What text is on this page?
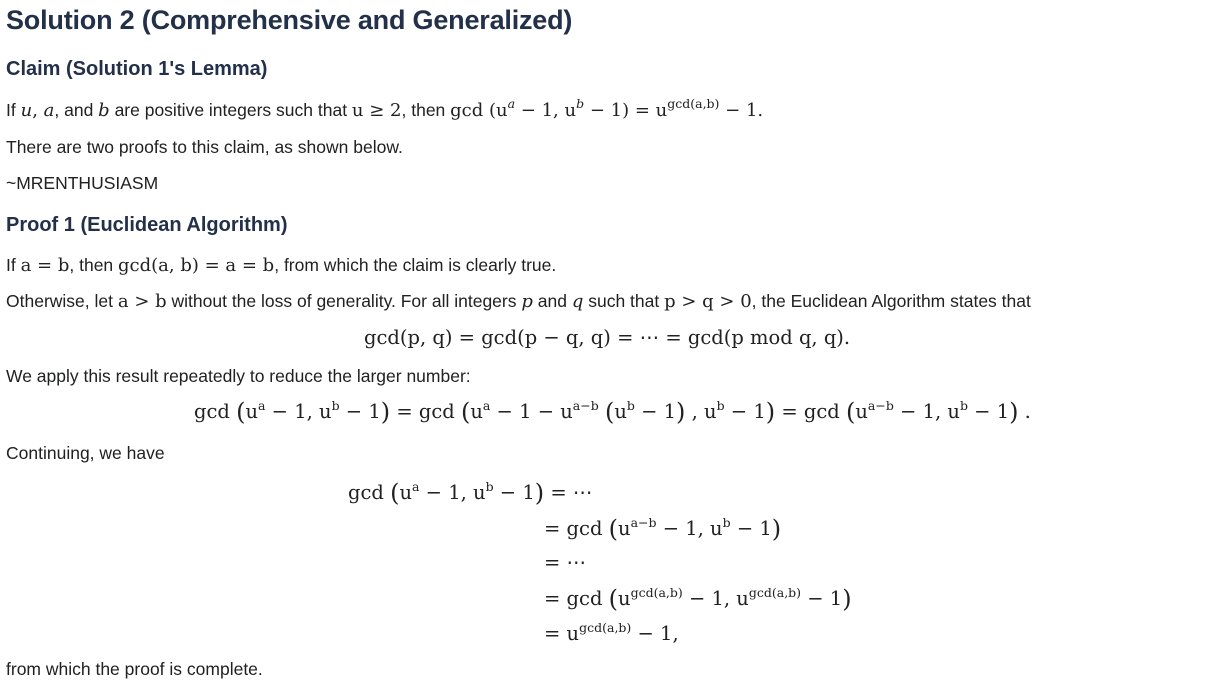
Solution 2 (Comprehensive and Generalized)
Claim (Solution 1's Lemma)

If u, a, and b are positive integers such that u ≥ 2, then $\gcd (u^a - 1$, $u^b - 1) = u^{gcd(a,b)} - 1$.

There are two proofs to this claim, as shown below.

~MRENTHUSIASM

Proof 1 (Euclidean Algorithm)

If a = b, then gcd(a, b) = a = b, from which the claim is clearly true.

Otherwise, let a > b without the loss of generality. For all integers p and q such that p > q > 0, the Euclidean Algorithm states that

gcd(p, q) = gcd(p − q, q) = ⋯ = gcd(p mod q, q).

We apply this result repeatedly to reduce the larger number:

$\gcd (u^a - 1$, $u^b - 1) = \gcd (u^a - 1 - u^{a-b}$ $(u^b - 1)$ , $u^b - 1) = \gcd (u^{a-b} - 1$, $u^b - 1$) .

Continuing, we have

$\gcd (u^a - 1$, $u^b - 1$) = ⋯
= $\gcd (u^{a-b} - 1$, $u^b - 1$)
= ⋯
= $\gcd (u^{gcd(a,b)} - 1$, $u^{gcd(a,b)} - 1$)
= $u^{gcd(a,b)} - 1$,

from which the proof is complete.
